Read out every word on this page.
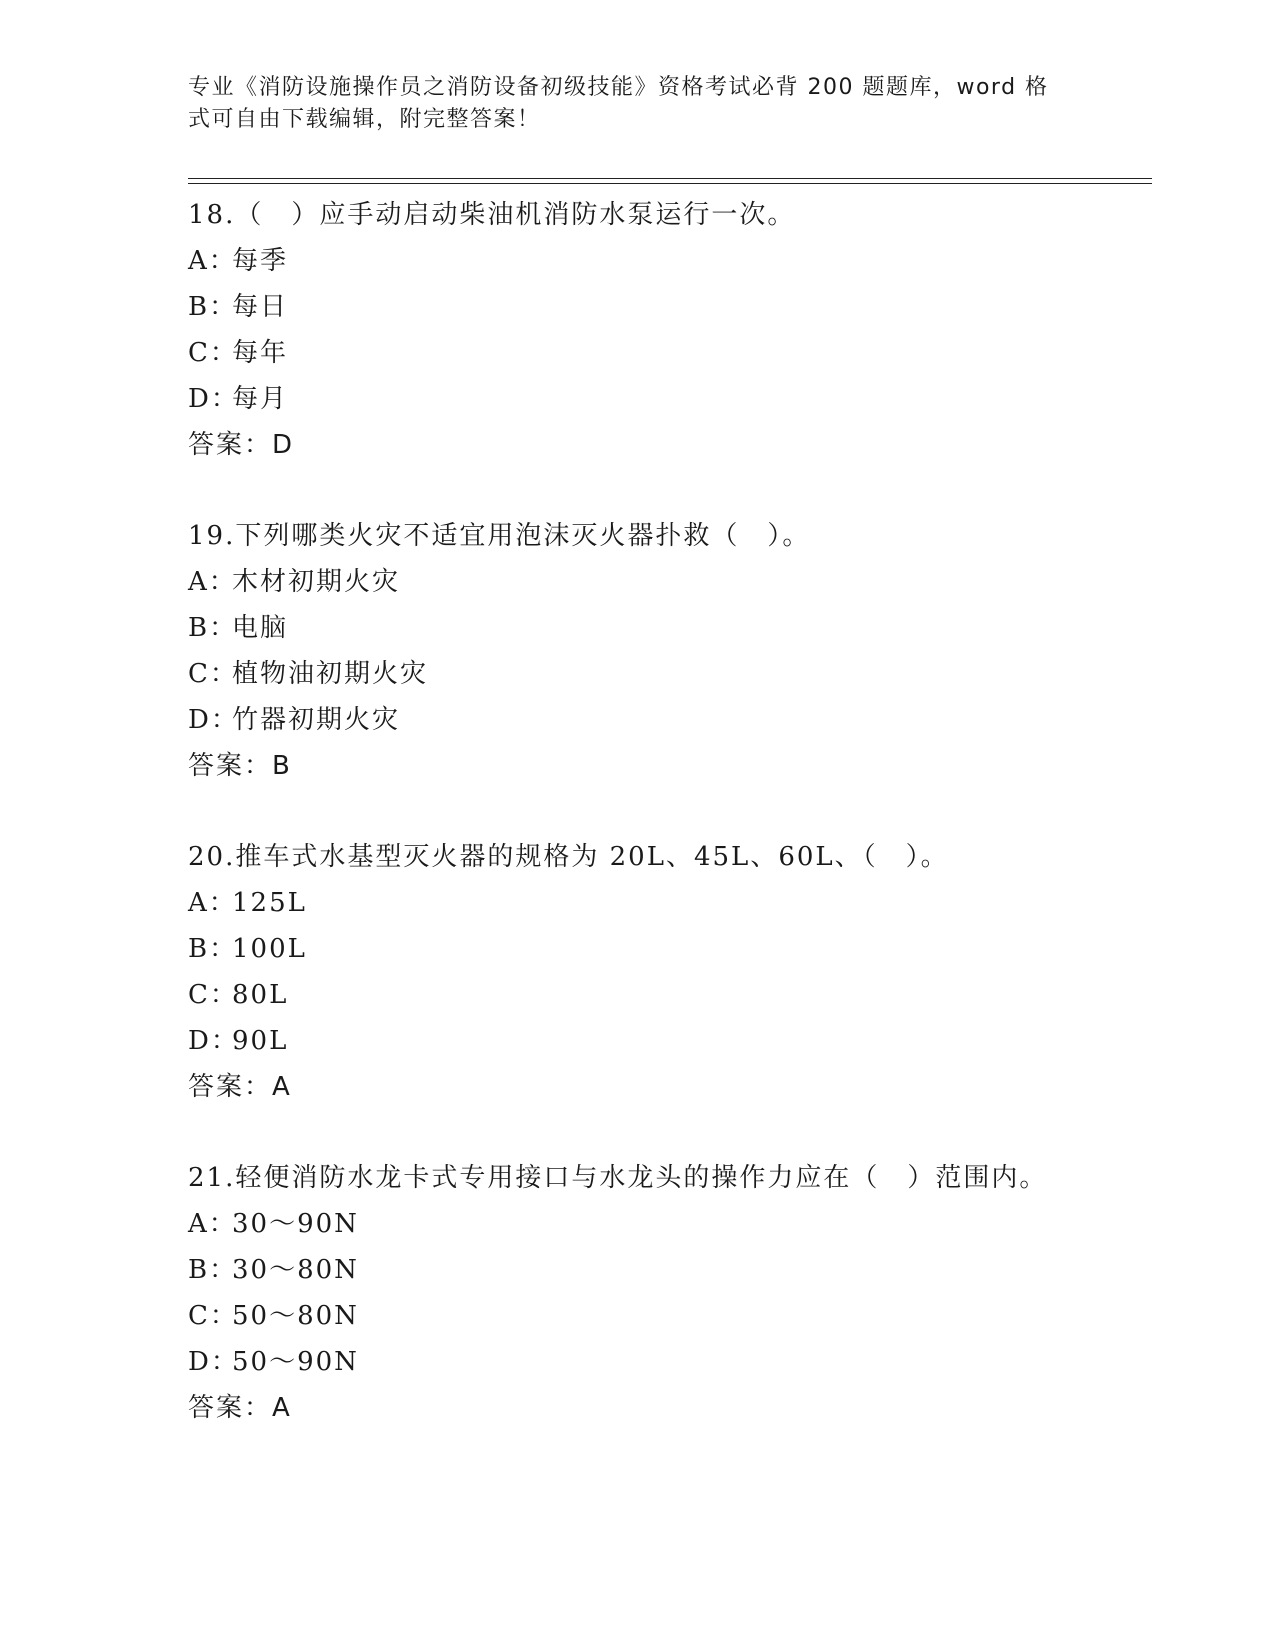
专业《消防设施操作员之消防设备初级技能》资格考试必背 200 题题库，word 格
式可自由下载编辑，附完整答案！
18.（　）应手动启动柴油机消防水泵运行一次。
A：每季
B：每日
C：每年
D：每月
答案：D
19.下列哪类火灾不适宜用泡沫灭火器扑救（　）。
A：木材初期火灾
B：电脑
C：植物油初期火灾
D：竹器初期火灾
答案：B
20.推车式水基型灭火器的规格为 20L、45L、60L、（　）。
A：125L
B：100L
C：80L
D：90L
答案：A
21.轻便消防水龙卡式专用接口与水龙头的操作力应在（　）范围内。
A：30～90N
B：30～80N
C：50～80N
D：50～90N
答案：A
